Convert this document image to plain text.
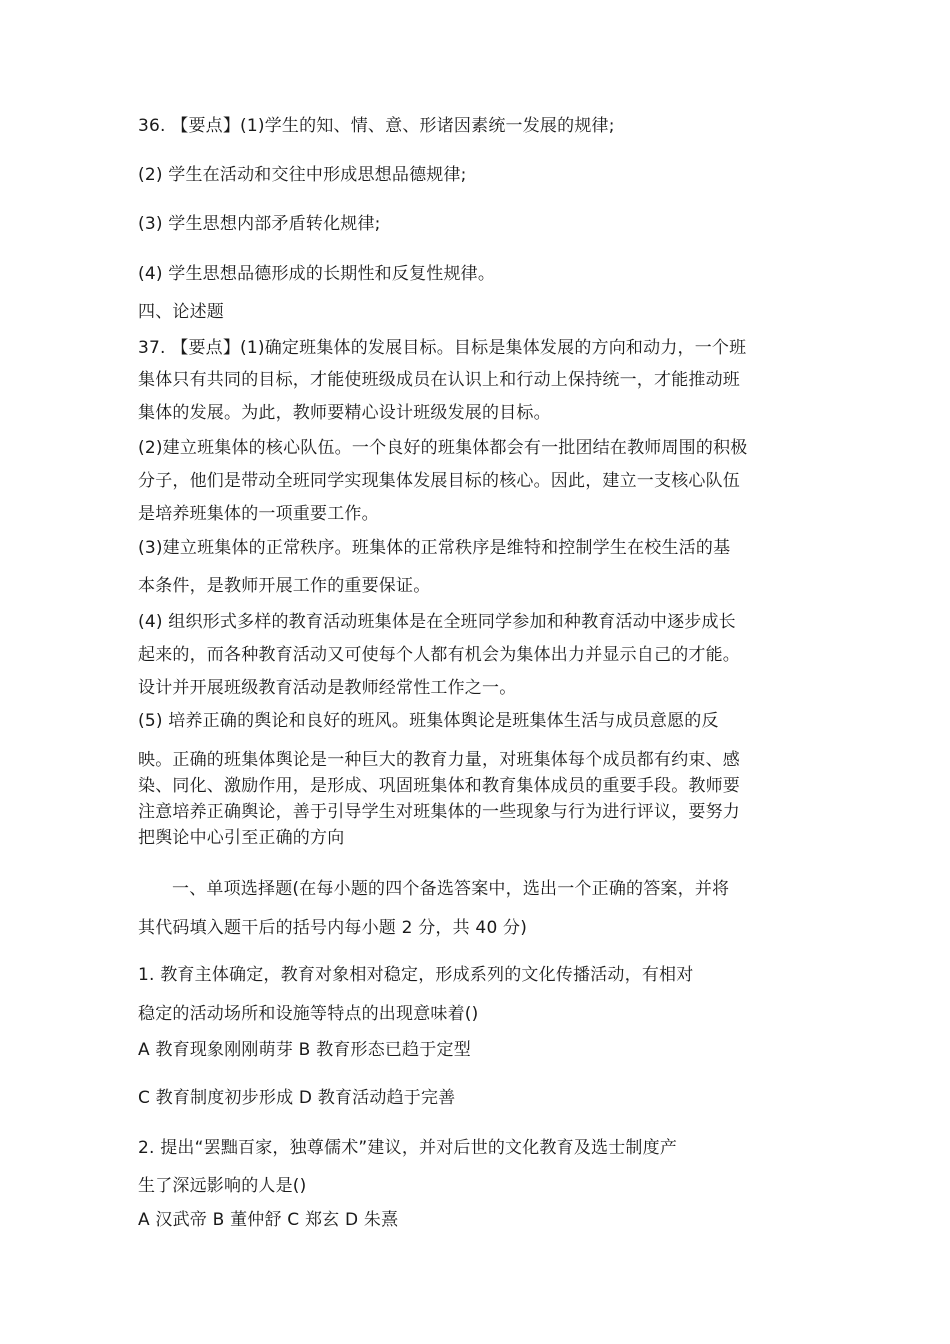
36. 【要点】(1)学生的知、情、意、形诸因素统一发展的规律;
(2) 学生在活动和交往中形成思想品德规律;
(3) 学生思想内部矛盾转化规律;
(4) 学生思想品德形成的长期性和反复性规律。
四、论述题
37. 【要点】(1)确定班集体的发展目标。目标是集体发展的方向和动力，一个班
集体只有共同的目标，才能使班级成员在认识上和行动上保持统一，才能推动班
集体的发展。为此，教师要精心设计班级发展的目标。
(2)建立班集体的核心队伍。一个良好的班集体都会有一批团结在教师周围的积极
分子，他们是带动全班同学实现集体发展目标的核心。因此，建立一支核心队伍
是培养班集体的一项重要工作。
(3)建立班集体的正常秩序。班集体的正常秩序是维特和控制学生在校生活的基
本条件，是教师开展工作的重要保证。
(4) 组织形式多样的教育活动班集体是在全班同学参加和种教育活动中逐步成长
起来的，而各种教育活动又可使每个人都有机会为集体出力并显示自己的才能。
设计并开展班级教育活动是教师经常性工作之一。
(5) 培养正确的舆论和良好的班风。班集体舆论是班集体生活与成员意愿的反
映。正确的班集体舆论是一种巨大的教育力量，对班集体每个成员都有约束、感
染、同化、激励作用，是形成、巩固班集体和教育集体成员的重要手段。教师要
注意培养正确舆论，善于引导学生对班集体的一些现象与行为进行评议，要努力
把舆论中心引至正确的方向
一、单项选择题(在每小题的四个备选答案中，选出一个正确的答案，并将
其代码填入题干后的括号内每小题 2 分，共 40 分)
1. 教育主体确定，教育对象相对稳定，形成系列的文化传播活动，有相对
稳定的活动场所和设施等特点的出现意味着()
A 教育现象刚刚萌芽 B 教育形态已趋于定型
C 教育制度初步形成 D 教育活动趋于完善
2. 提出“罢黜百家，独尊儒术”建议，并对后世的文化教育及选士制度产
生了深远影响的人是()
A 汉武帝 B 董仲舒 C 郑玄 D 朱熹
